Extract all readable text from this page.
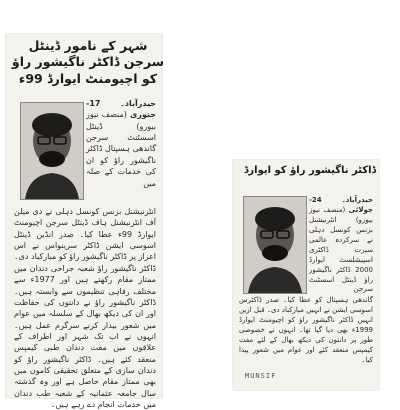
شہر کے نامور ڈینٹل سرجن ڈاکٹر ناگیشور راؤ کو اچیومنٹ ایوارڈ 99ء
حیدرآباد۔ 17- جنوری (منصف نیوز بیورو) ڈینٹل اسسٹنٹ سرجن گاندھی ہسپتال ڈاکٹر ناگیشور راؤ کو ان کی خدمات کے صلہ میں
انٹرنیشنل بزنس کونسل دہلی نے دی میلن آف انٹرنیشنل ہاف ڈینٹل سرجن اچیومنٹ ایوارڈ 99ء عطا کیا۔ صدر انڈین ڈینٹل اسوسی ایشن ڈاکٹر سرینواس نے اس اعزاز پر ڈاکٹر ناگیشور راؤ کو مبارکباد دی۔ ڈاکٹر ناگیشور راؤ شعبہ جراحی دندان میں ممتاز مقام رکھتے ہیں اور 1977ء سے مختلف رفاہی تنظیموں سے وابستہ ہیں۔ ڈاکٹر ناگیشور راؤ نے دانتوں کی حفاظت اور ان کی دیکھ بھال کے سلسلہ میں عوام میں شعور بیدار کرنے سرگرم عمل ہیں۔ انہوں نے اب تک شہر اور اطراف کے علاقوں میں مفت دندان طبی کیمپس منعقد کئے ہیں۔ ڈاکٹر ناگیشور راؤ کو دندان سازی کے متعلق تحقیقی کاموں میں بھی ممتاز مقام حاصل ہے اور وہ گذشتہ سال جامعہ عثمانیہ کے شعبہ طب دندان میں خدمات انجام دے رہے ہیں۔
ڈاکٹر ناگیشور راؤ کو ایوارڈ
حیدرآباد۔ 24- جولائی (منصف نیوز بیورو) انٹرنیشنل بزنس کونسل دہلی نے سرکردہ عالمی سیرت ڈاکٹری اسپیشلسٹ ایوارڈ 2000 ڈاکٹر ناگیشور راؤ ڈینٹل اسسٹنٹ سرجن
گاندھی ہسپتال کو عطا کیا۔ صدر ڈاکٹرس اسوسی ایشن نے انہیں مبارکباد دی۔ قبل ازیں انہیں ڈاکٹر ناگیشور راؤ کو اچیومنٹ ایوارڈ 1999ء بھی دیا گیا تھا۔ انہوں نے خصوصی طور پر دانتوں کی دیکھ بھال کے لئے مفت کیمپس منعقد کئے اور عوام میں شعور پیدا کیا۔
MUNSIF
